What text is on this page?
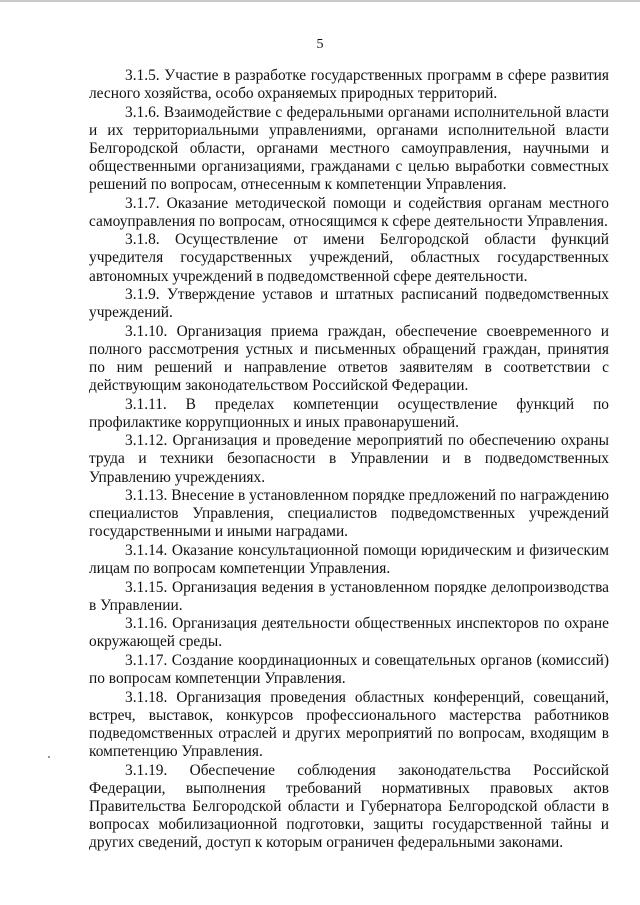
5

3.1.5. Участие в разработке государственных программ в сфере развития лесного хозяйства, особо охраняемых природных территорий.

3.1.6. Взаимодействие с федеральными органами исполнительной власти и их территориальными управлениями, органами исполнительной власти Белгородской области, органами местного самоуправления, научными и общественными организациями, гражданами с целью выработки совместных решений по вопросам, отнесенным к компетенции Управления.

3.1.7. Оказание методической помощи и содействия органам местного самоуправления по вопросам, относящимся к сфере деятельности Управления.

3.1.8. Осуществление от имени Белгородской области функций учредителя государственных учреждений, областных государственных автономных учреждений в подведомственной сфере деятельности.

3.1.9. Утверждение уставов и штатных расписаний подведомственных учреждений.

3.1.10. Организация приема граждан, обеспечение своевременного и полного рассмотрения устных и письменных обращений граждан, принятия по ним решений и направление ответов заявителям в соответствии с действующим законодательством Российской Федерации.

3.1.11. В пределах компетенции осуществление функций по профилактике коррупционных и иных правонарушений.

3.1.12. Организация и проведение мероприятий по обеспечению охраны труда и техники безопасности в Управлении и в подведомственных Управлению учреждениях.

3.1.13. Внесение в установленном порядке предложений по награждению специалистов Управления, специалистов подведомственных учреждений государственными и иными наградами.

3.1.14. Оказание консультационной помощи юридическим и физическим лицам по вопросам компетенции Управления.

3.1.15. Организация ведения в установленном порядке делопроизводства в Управлении.

3.1.16. Организация деятельности общественных инспекторов по охране окружающей среды.

3.1.17. Создание координационных и совещательных органов (комиссий) по вопросам компетенции Управления.

3.1.18. Организация проведения областных конференций, совещаний, встреч, выставок, конкурсов профессионального мастерства работников подведомственных отраслей и других мероприятий по вопросам, входящим в компетенцию Управления.

3.1.19. Обеспечение соблюдения законодательства Российской Федерации, выполнения требований нормативных правовых актов Правительства Белгородской области и Губернатора Белгородской области в вопросах мобилизационной подготовки, защиты государственной тайны и других сведений, доступ к которым ограничен федеральными законами.
